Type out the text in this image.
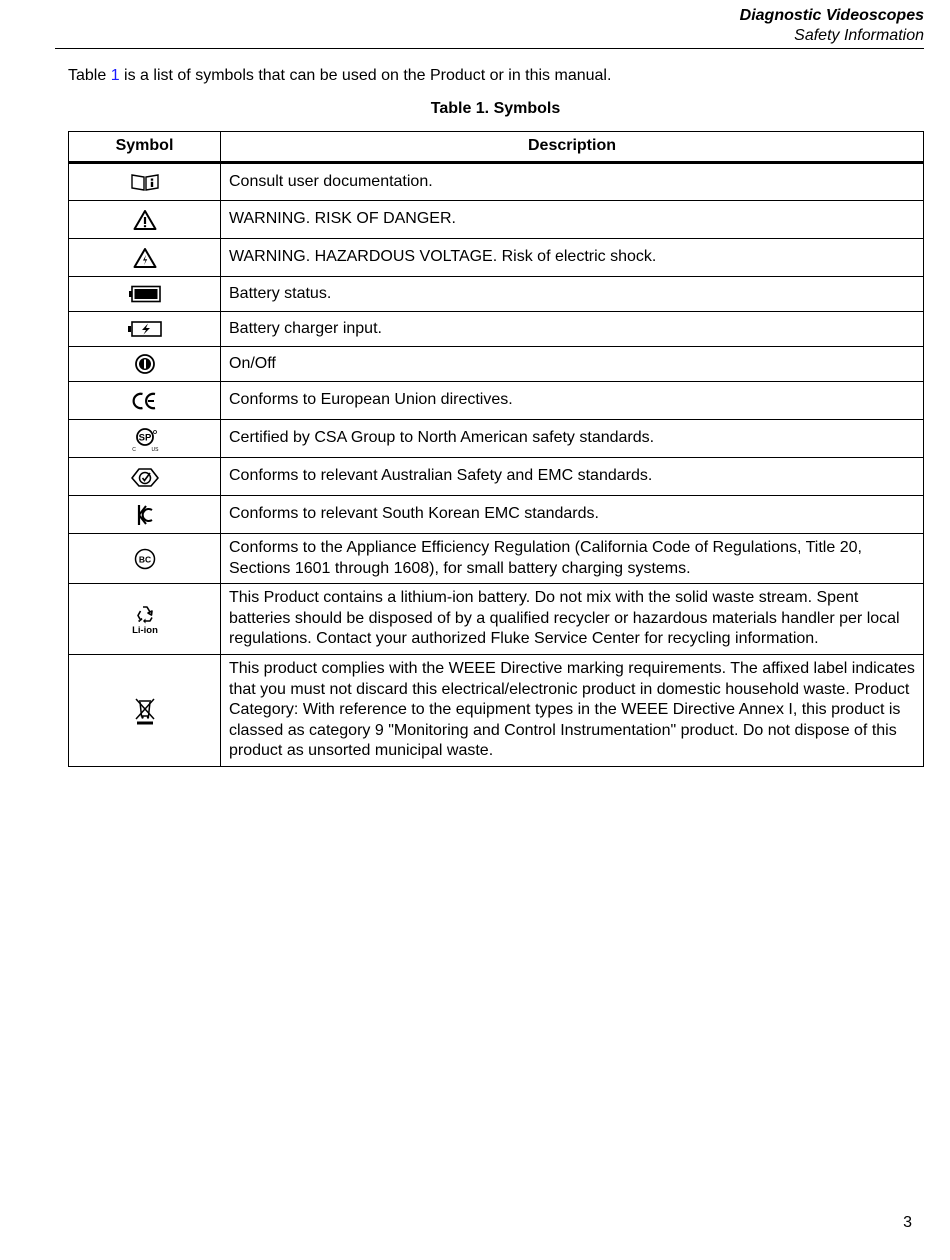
Diagnostic Videoscopes
Safety Information
Table 1 is a list of symbols that can be used on the Product or in this manual.
Table 1. Symbols
Symbol	Description

	Consult user documentation.

	WARNING. RISK OF DANGER.

	WARNING. HAZARDOUS VOLTAGE. Risk of electric shock.

	Battery status.

	Battery charger input.

	On/Off

	Conforms to European Union directives.

SP
C US	Certified by CSA Group to North American safety standards.

	Conforms to relevant Australian Safety and EMC standards.

	Conforms to relevant South Korean EMC standards.

BC	Conforms to the Appliance Efficiency Regulation (California Code of Regulations, Title 20, Sections 1601 through 1608), for small battery charging systems.

Li-ion	This Product contains a lithium-ion battery. Do not mix with the solid waste stream. Spent batteries should be disposed of by a qualified recycler or hazardous materials handler per local regulations. Contact your authorized Fluke Service Center for recycling information.

	This product complies with the WEEE Directive marking requirements. The affixed label indicates that you must not discard this electrical/electronic product in domestic household waste. Product Category: With reference to the equipment types in the WEEE Directive Annex I, this product is classed as category 9 "Monitoring and Control Instrumentation" product. Do not dispose of this product as unsorted municipal waste.
3
